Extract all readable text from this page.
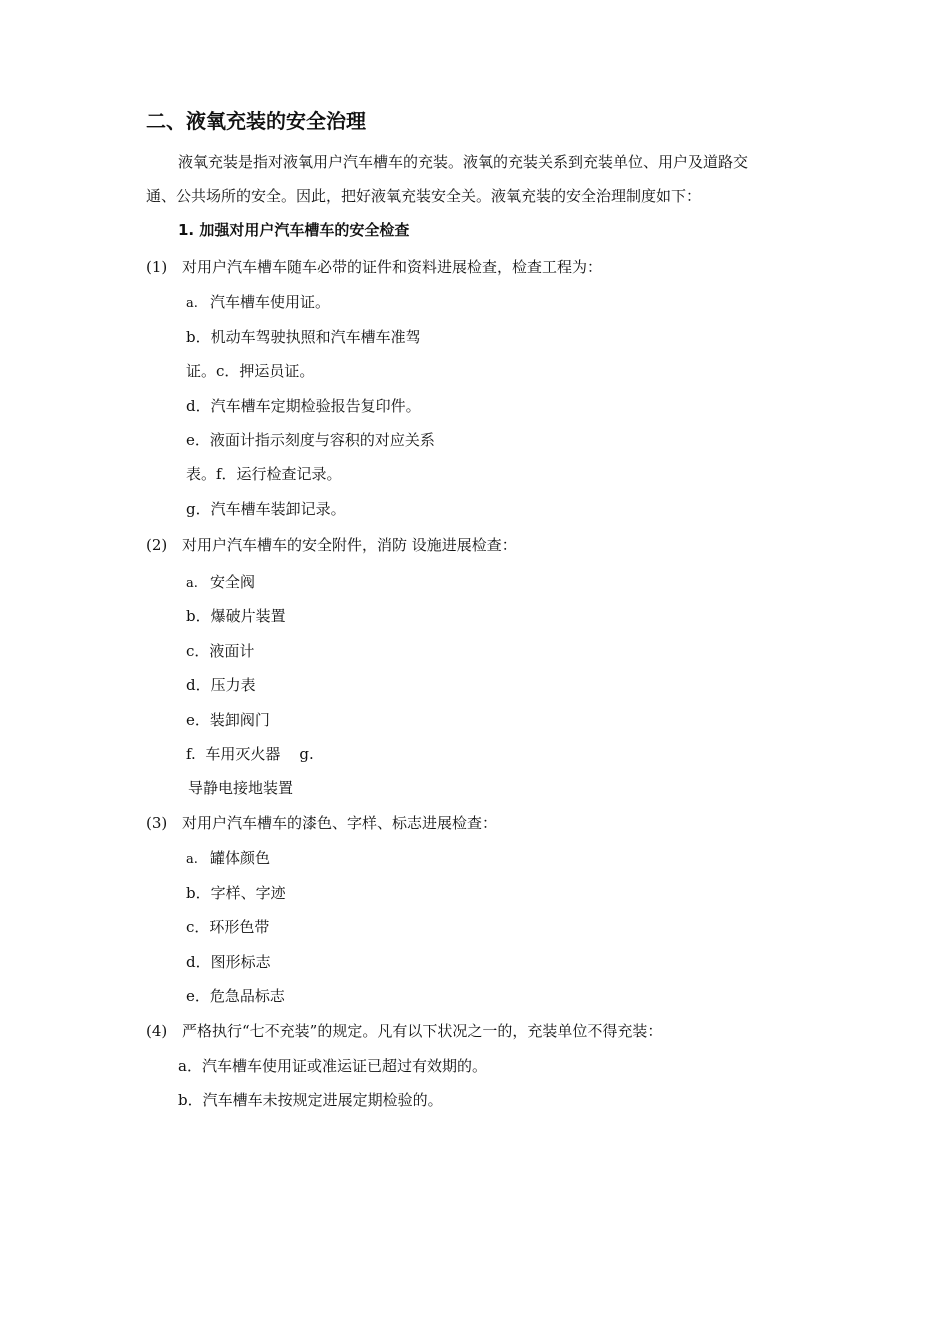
二、液氧充装的安全治理
液氧充装是指对液氧用户汽车槽车的充装。液氧的充装关系到充装单位、用户及道路交
通、公共场所的安全。因此，把好液氧充装安全关。液氧充装的安全治理制度如下：
1. 加强对用户汽车槽车的安全检查
(1) 对用户汽车槽车随车必带的证件和资料进展检查，检查工程为：
a. 汽车槽车使用证。
b．机动车驾驶执照和汽车槽车准驾
证。c．押运员证。
d．汽车槽车定期检验报告复印件。
e．液面计指示刻度与容积的对应关系
表。f．运行检查记录。
g．汽车槽车装卸记录。
(2) 对用户汽车槽车的安全附件，消防 设施进展检查：
a. 安全阀
b．爆破片装置
c．液面计
d．压力表
e．装卸阀门
f.  车用灭火器    g.
导静电接地装置
(3) 对用户汽车槽车的漆色、字样、标志进展检查：
a. 罐体颜色
b．字样、字迹
c．环形色带
d．图形标志
e．危急品标志
(4) 严格执行“七不充装”的规定。凡有以下状况之一的，充装单位不得充装：
a．汽车槽车使用证或准运证已超过有效期的。
b．汽车槽车未按规定进展定期检验的。
